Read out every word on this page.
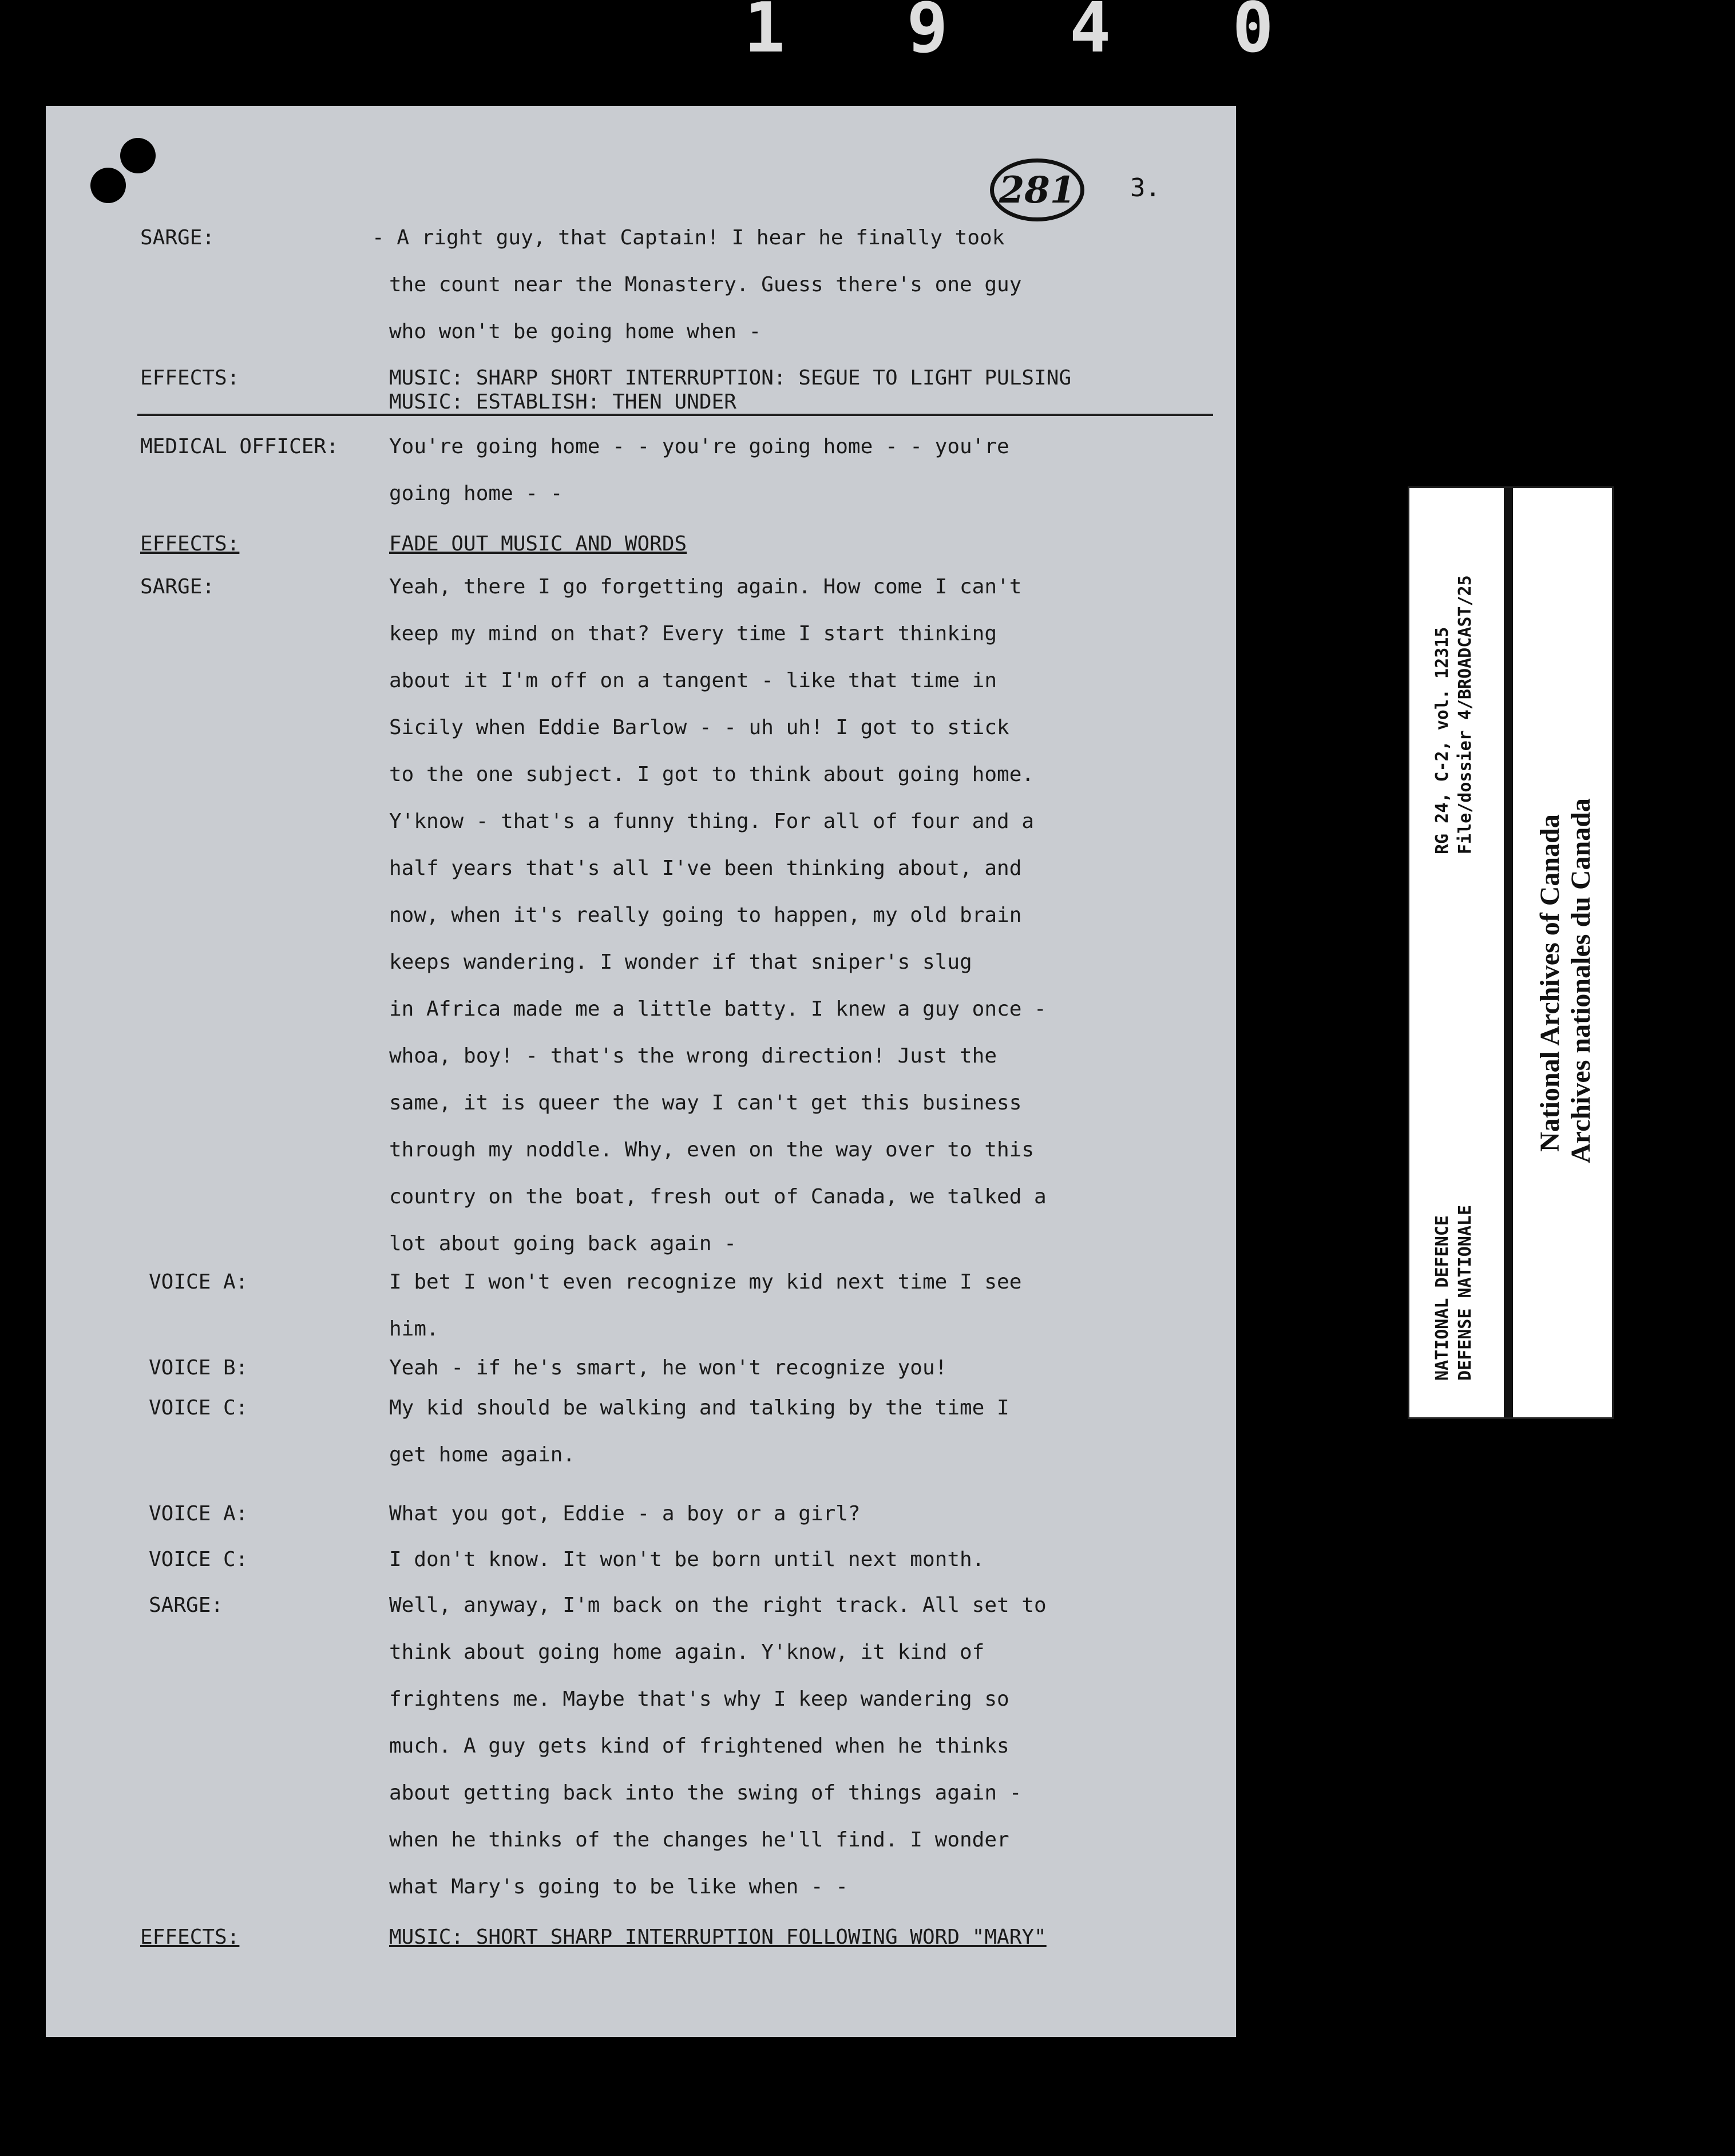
1 9 4 0
281	3.
SARGE:	- A right guy, that Captain! I hear he finally took
the count near the Monastery. Guess there's one guy
who won't be going home when -
EFFECTS:	MUSIC: SHARP SHORT INTERRUPTION: SEGUE TO LIGHT PULSING
MUSIC: ESTABLISH: THEN UNDER
MEDICAL OFFICER:	You're going home - - you're going home - - you're
going home - -
EFFECTS:	FADE OUT MUSIC AND WORDS
SARGE:	Yeah, there I go forgetting again. How come I can't
keep my mind on that? Every time I start thinking
about it I'm off on a tangent - like that time in
Sicily when Eddie Barlow - - uh uh! I got to stick
to the one subject. I got to think about going home.
Y'know - that's a funny thing. For all of four and a
half years that's all I've been thinking about, and
now, when it's really going to happen, my old brain
keeps wandering. I wonder if that sniper's slug
in Africa made me a little batty. I knew a guy once -
whoa, boy! - that's the wrong direction! Just the
same, it is queer the way I can't get this business
through my noddle. Why, even on the way over to this
country on the boat, fresh out of Canada, we talked a
lot about going back again -
VOICE A:	I bet I won't even recognize my kid next time I see
him.
VOICE B:	Yeah - if he's smart, he won't recognize you!
VOICE C:	My kid should be walking and talking by the time I
get home again.
VOICE A:	What you got, Eddie - a boy or a girl?
VOICE C:	I don't know. It won't be born until next month.
SARGE:	Well, anyway, I'm back on the right track. All set to
think about going home again. Y'know, it kind of
frightens me. Maybe that's why I keep wandering so
much. A guy gets kind of frightened when he thinks
about getting back into the swing of things again -
when he thinks of the changes he'll find. I wonder
what Mary's going to be like when - -
EFFECTS:	MUSIC: SHORT SHARP INTERRUPTION FOLLOWING WORD "MARY"
NATIONAL DEFENCE DEFENSE NATIONALE
RG 24, C-2, vol. 12315 File/dossier 4/BROADCAST/25
National Archives of Canada Archives nationales du Canada
